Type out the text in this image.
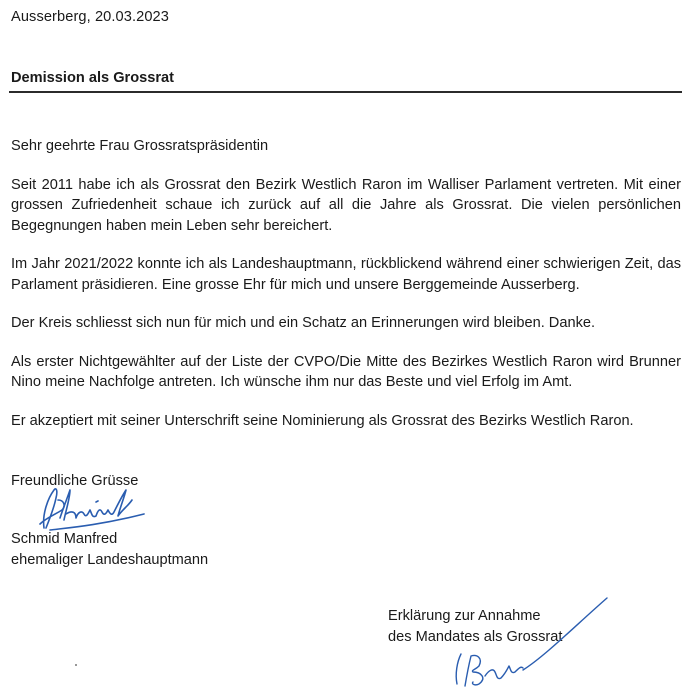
Ausserberg, 20.03.2023
Demission als Grossrat

Sehr geehrte Frau Grossratspräsidentin

Seit 2011 habe ich als Grossrat den Bezirk Westlich Raron im Walliser Parlament vertreten. Mit einer grossen Zufriedenheit schaue ich zurück auf all die Jahre als Grossrat. Die vielen persönlichen Begegnungen haben mein Leben sehr bereichert.

Im Jahr 2021/2022 konnte ich als Landeshauptmann, rückblickend während einer schwierigen Zeit, das Parlament präsidieren. Eine grosse Ehr für mich und unsere Berggemeinde Ausserberg.

Der Kreis schliesst sich nun für mich und ein Schatz an Erinnerungen wird bleiben. Danke.

Als erster Nichtgewählter auf der Liste der CVPO/Die Mitte des Bezirkes Westlich Raron wird Brunner Nino meine Nachfolge antreten. Ich wünsche ihm nur das Beste und viel Erfolg im Amt.

Er akzeptiert mit seiner Unterschrift seine Nominierung als Grossrat des Bezirks Westlich Raron.

Freundliche Grüsse
Schmid Manfred
ehemaliger Landeshauptmann
Erklärung zur Annahme
des Mandates als Grossrat
